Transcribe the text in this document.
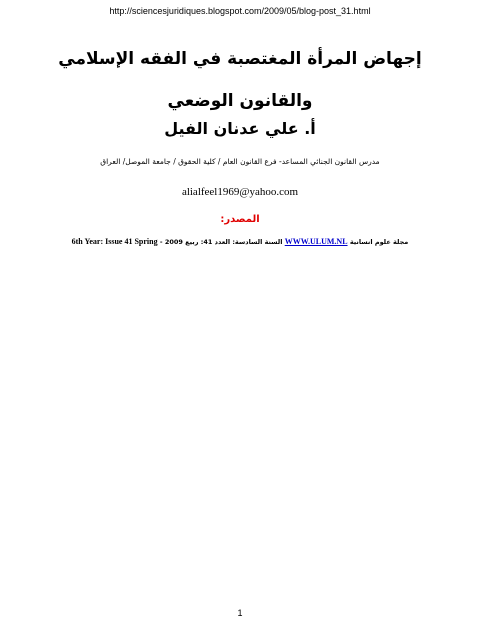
http://sciencesjuridiques.blogspot.com/2009/05/blog-post_31.html
إجهاض المرأة المغتصبة في الفقه الإسلامي والقانون الوضعي
أ. علي عدنان الفيل
مدرس القانون الجنائي المساعد- فرع القانون العام / كلية الحقوق / جامعة الموصل/ العراق
alialfeel1969@yahoo.com
المصدر:
مجلة علوم انسانية WWW.ULUM.NL السنة السادسة: العدد 41: ربيع 2009 - 6th Year: Issue 41 Spring
1
